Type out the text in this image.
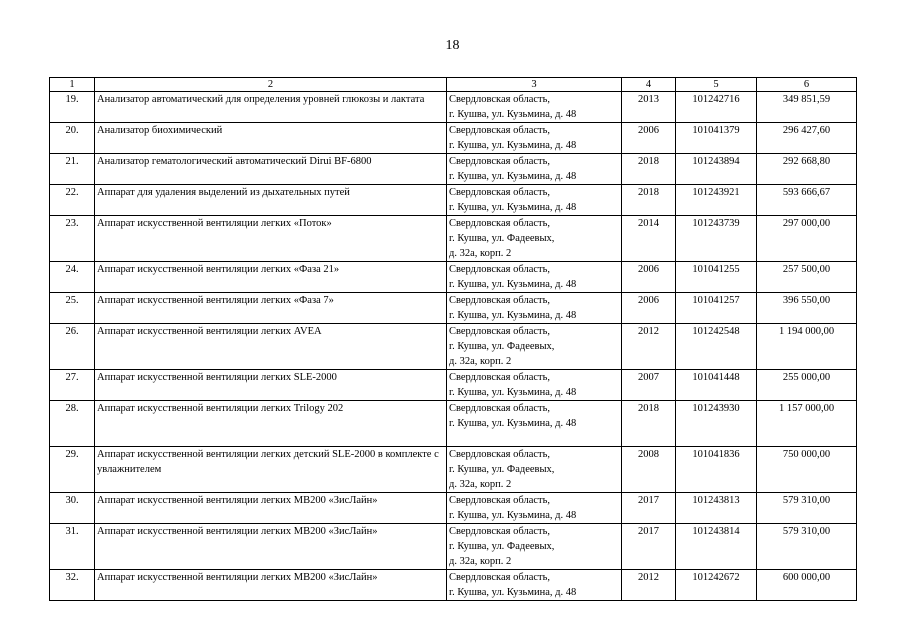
18
1	2	3	4	5	6
19.	Анализатор автоматический для определения уровней глюкозы и лактата	Свердловская область,
г. Кушва, ул. Кузьмина, д. 48	2013	101242716	349 851,59
20.	Анализатор биохимический	Свердловская область,
г. Кушва, ул. Кузьмина, д. 48	2006	101041379	296 427,60
21.	Анализатор гематологический автоматический Dirui BF-6800	Свердловская область,
г. Кушва, ул. Кузьмина, д. 48	2018	101243894	292 668,80
22.	Аппарат для удаления выделений из дыхательных путей	Свердловская область,
г. Кушва, ул. Кузьмина, д. 48	2018	101243921	593 666,67
23.	Аппарат искусственной вентиляции легких «Поток»	Свердловская область,
г. Кушва, ул. Фадеевых,
д. 32а, корп. 2	2014	101243739	297 000,00
24.	Аппарат искусственной вентиляции легких «Фаза 21»	Свердловская область,
г. Кушва, ул. Кузьмина, д. 48	2006	101041255	257 500,00
25.	Аппарат искусственной вентиляции легких «Фаза 7»	Свердловская область,
г. Кушва, ул. Кузьмина, д. 48	2006	101041257	396 550,00
26.	Аппарат искусственной вентиляции легких AVEA	Свердловская область,
г. Кушва, ул. Фадеевых,
д. 32а, корп. 2	2012	101242548	1 194 000,00
27.	Аппарат искусственной вентиляции легких SLE-2000	Свердловская область,
г. Кушва, ул. Кузьмина, д. 48	2007	101041448	255 000,00
28.	Аппарат искусственной вентиляции легких Trilogy 202	Свердловская область,
г. Кушва, ул. Кузьмина, д. 48	2018	101243930	1 157 000,00
29.	Аппарат искусственной вентиляции легких детский SLE-2000 в комплекте с увлажнителем	Свердловская область,
г. Кушва, ул. Фадеевых,
д. 32а, корп. 2	2008	101041836	750 000,00
30.	Аппарат искусственной вентиляции легких MB200 «ЗисЛайн»	Свердловская область,
г. Кушва, ул. Кузьмина, д. 48	2017	101243813	579 310,00
31.	Аппарат искусственной вентиляции легких MB200 «ЗисЛайн»	Свердловская область,
г. Кушва, ул. Фадеевых,
д. 32а, корп. 2	2017	101243814	579 310,00
32.	Аппарат искусственной вентиляции легких MB200 «ЗисЛайн»	Свердловская область,
г. Кушва, ул. Кузьмина, д. 48	2012	101242672	600 000,00
